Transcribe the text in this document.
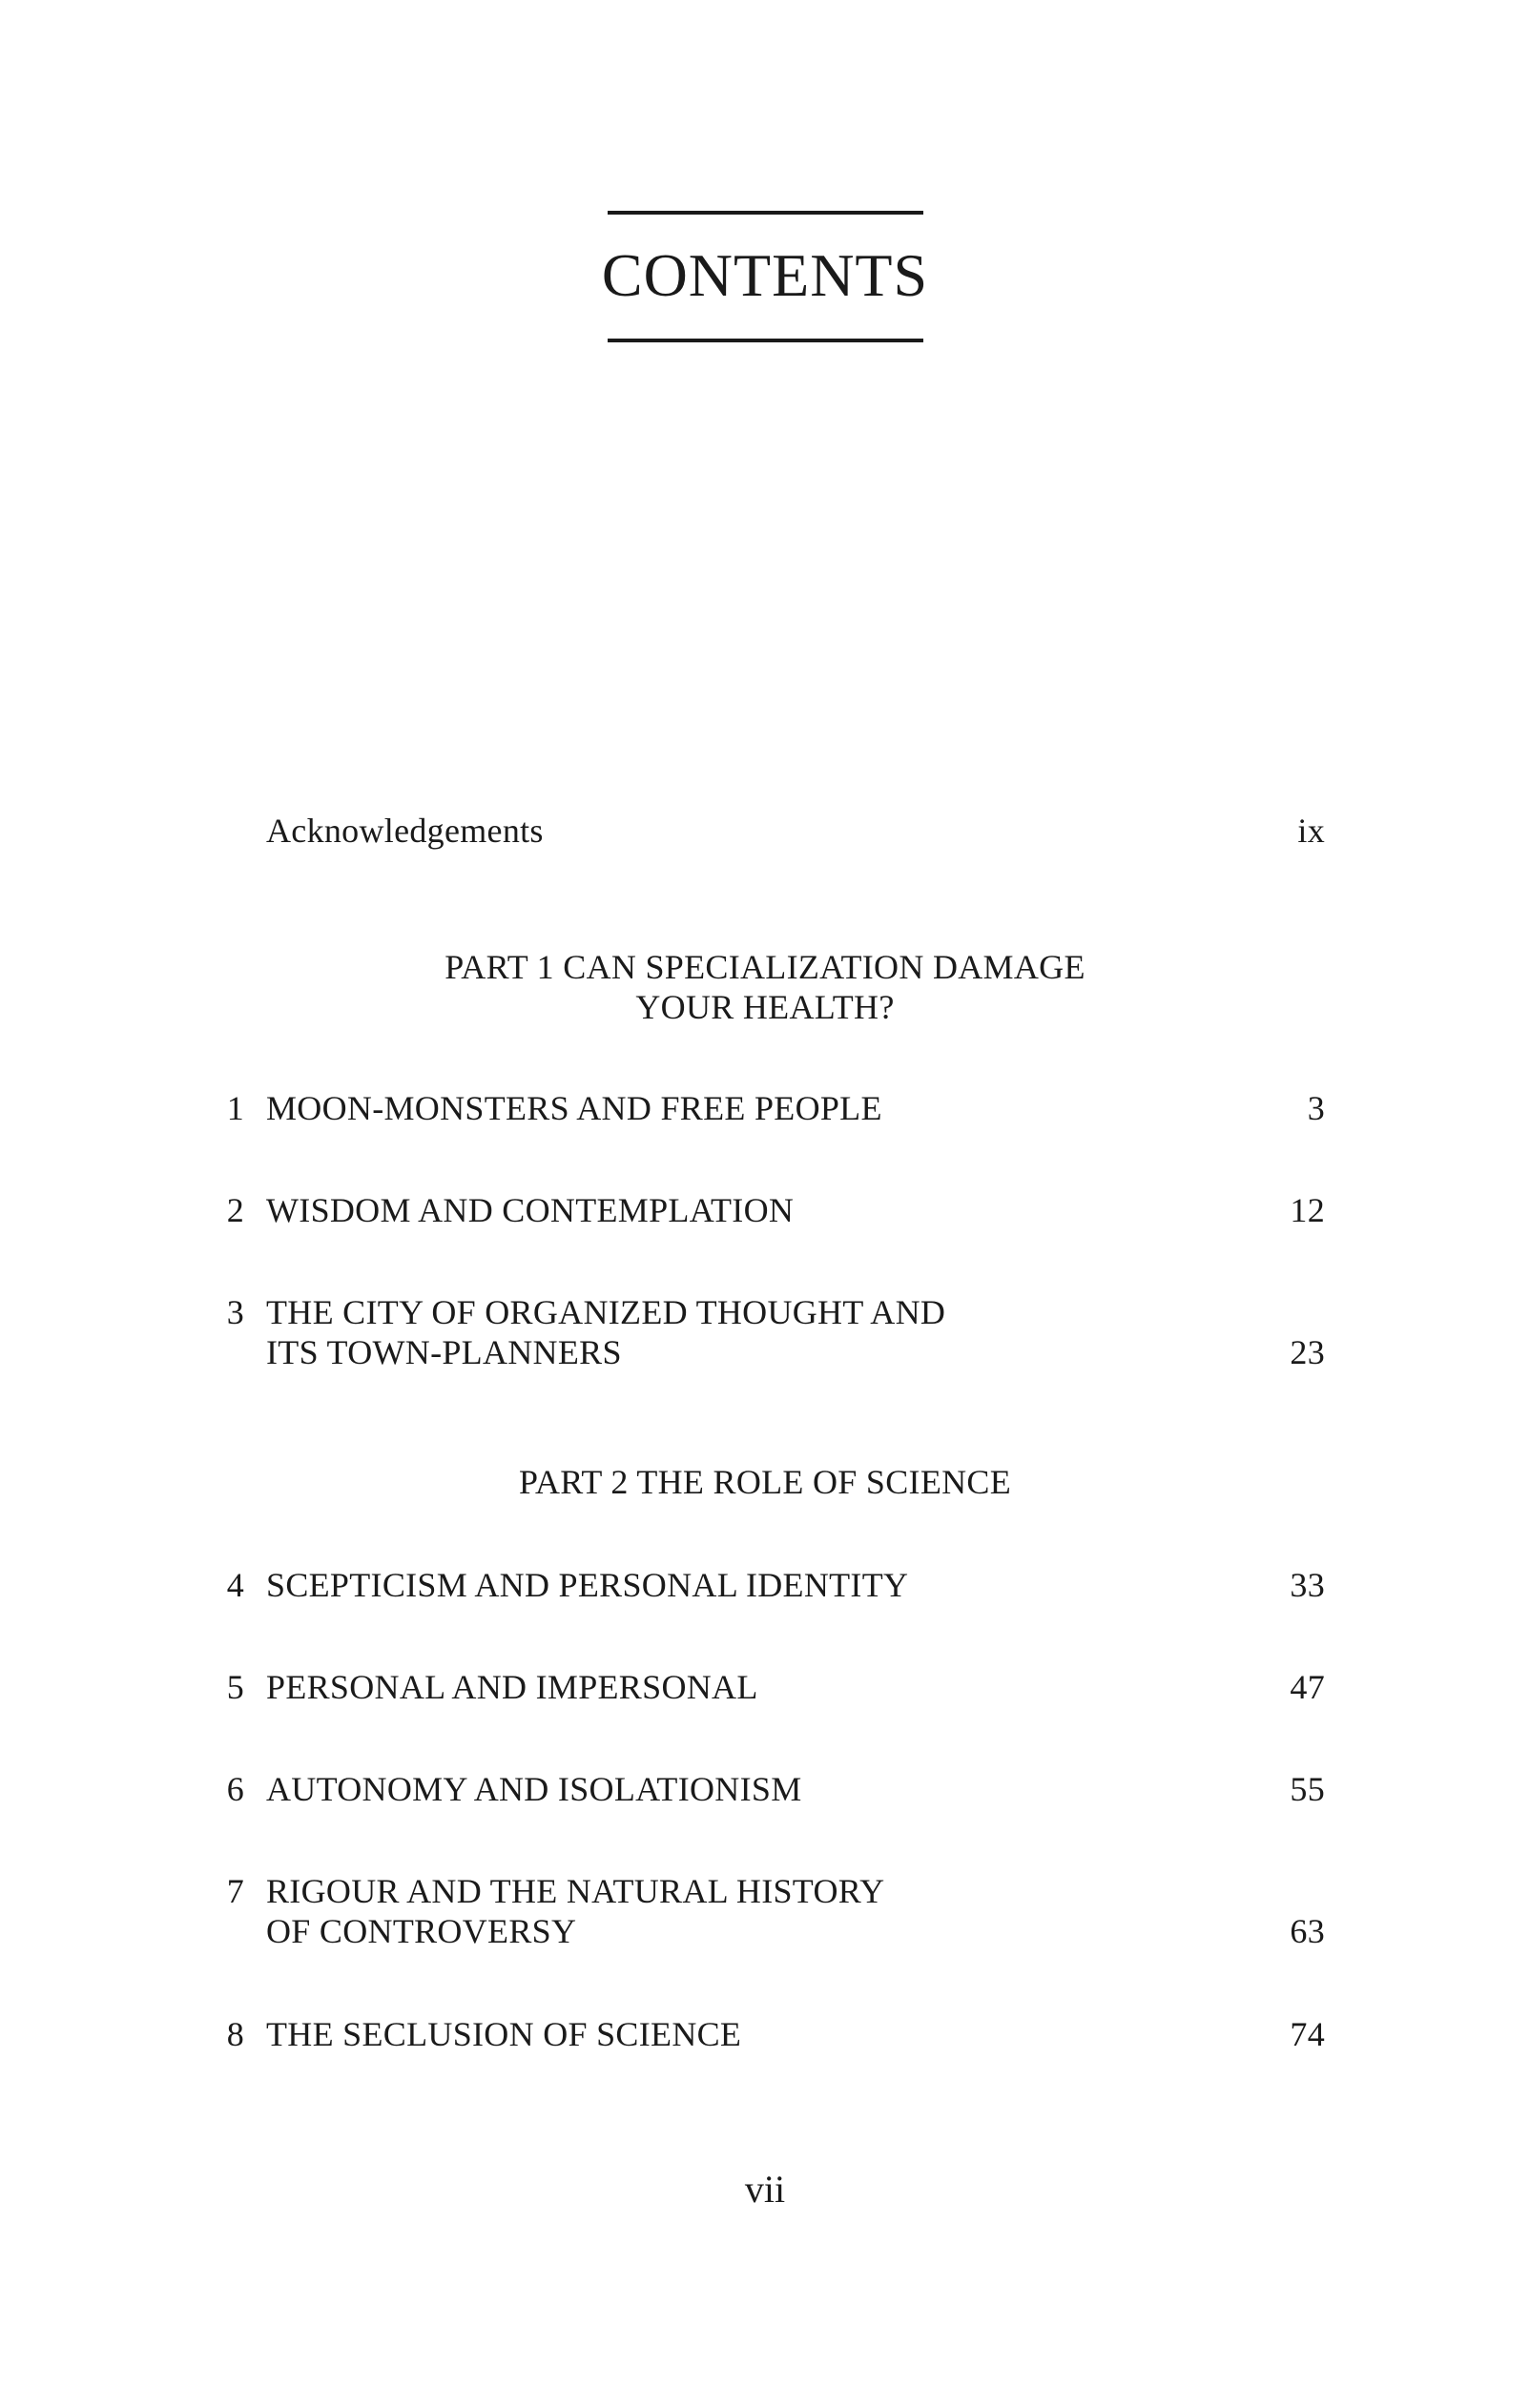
CONTENTS
Acknowledgements	ix
PART 1 CAN SPECIALIZATION DAMAGE
YOUR HEALTH?
1 MOON-MONSTERS AND FREE PEOPLE	3
2 WISDOM AND CONTEMPLATION	12
3 THE CITY OF ORGANIZED THOUGHT AND
ITS TOWN-PLANNERS	23
PART 2 THE ROLE OF SCIENCE
4 SCEPTICISM AND PERSONAL IDENTITY	33
5 PERSONAL AND IMPERSONAL	47
6 AUTONOMY AND ISOLATIONISM	55
7 RIGOUR AND THE NATURAL HISTORY
OF CONTROVERSY	63
8 THE SECLUSION OF SCIENCE	74
vii
